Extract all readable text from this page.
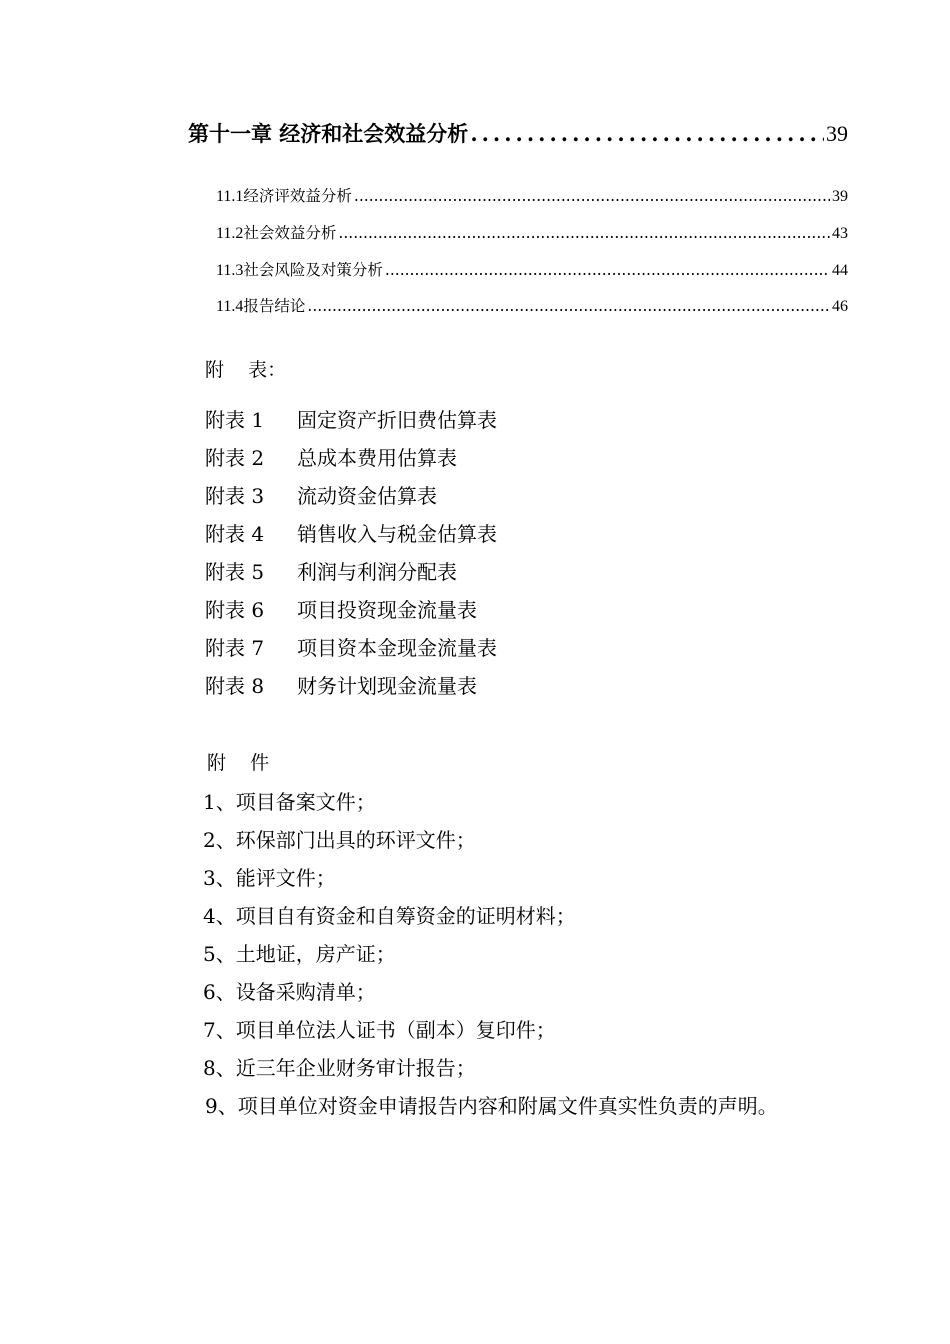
第十一章 经济和社会效益分析 .....	39
11.1 经济评效益分析 .....	39
11.2 社会效益分析 .....	43
11.3 社会风险及对策分析 .....	44
11.4 报告结论 .....	46
附    表：
附表 1 固定资产折旧费估算表
附表 2 总成本费用估算表
附表 3 流动资金估算表
附表 4 销售收入与税金估算表
附表 5 利润与利润分配表
附表 6 项目投资现金流量表
附表 7 项目资本金现金流量表
附表 8 财务计划现金流量表
附    件
1、项目备案文件；
2、环保部门出具的环评文件；
3、能评文件；
4、项目自有资金和自筹资金的证明材料；
5、土地证，房产证；
6、设备采购清单；
7、项目单位法人证书（副本）复印件；
8、近三年企业财务审计报告；
9、项目单位对资金申请报告内容和附属文件真实性负责的声明。
